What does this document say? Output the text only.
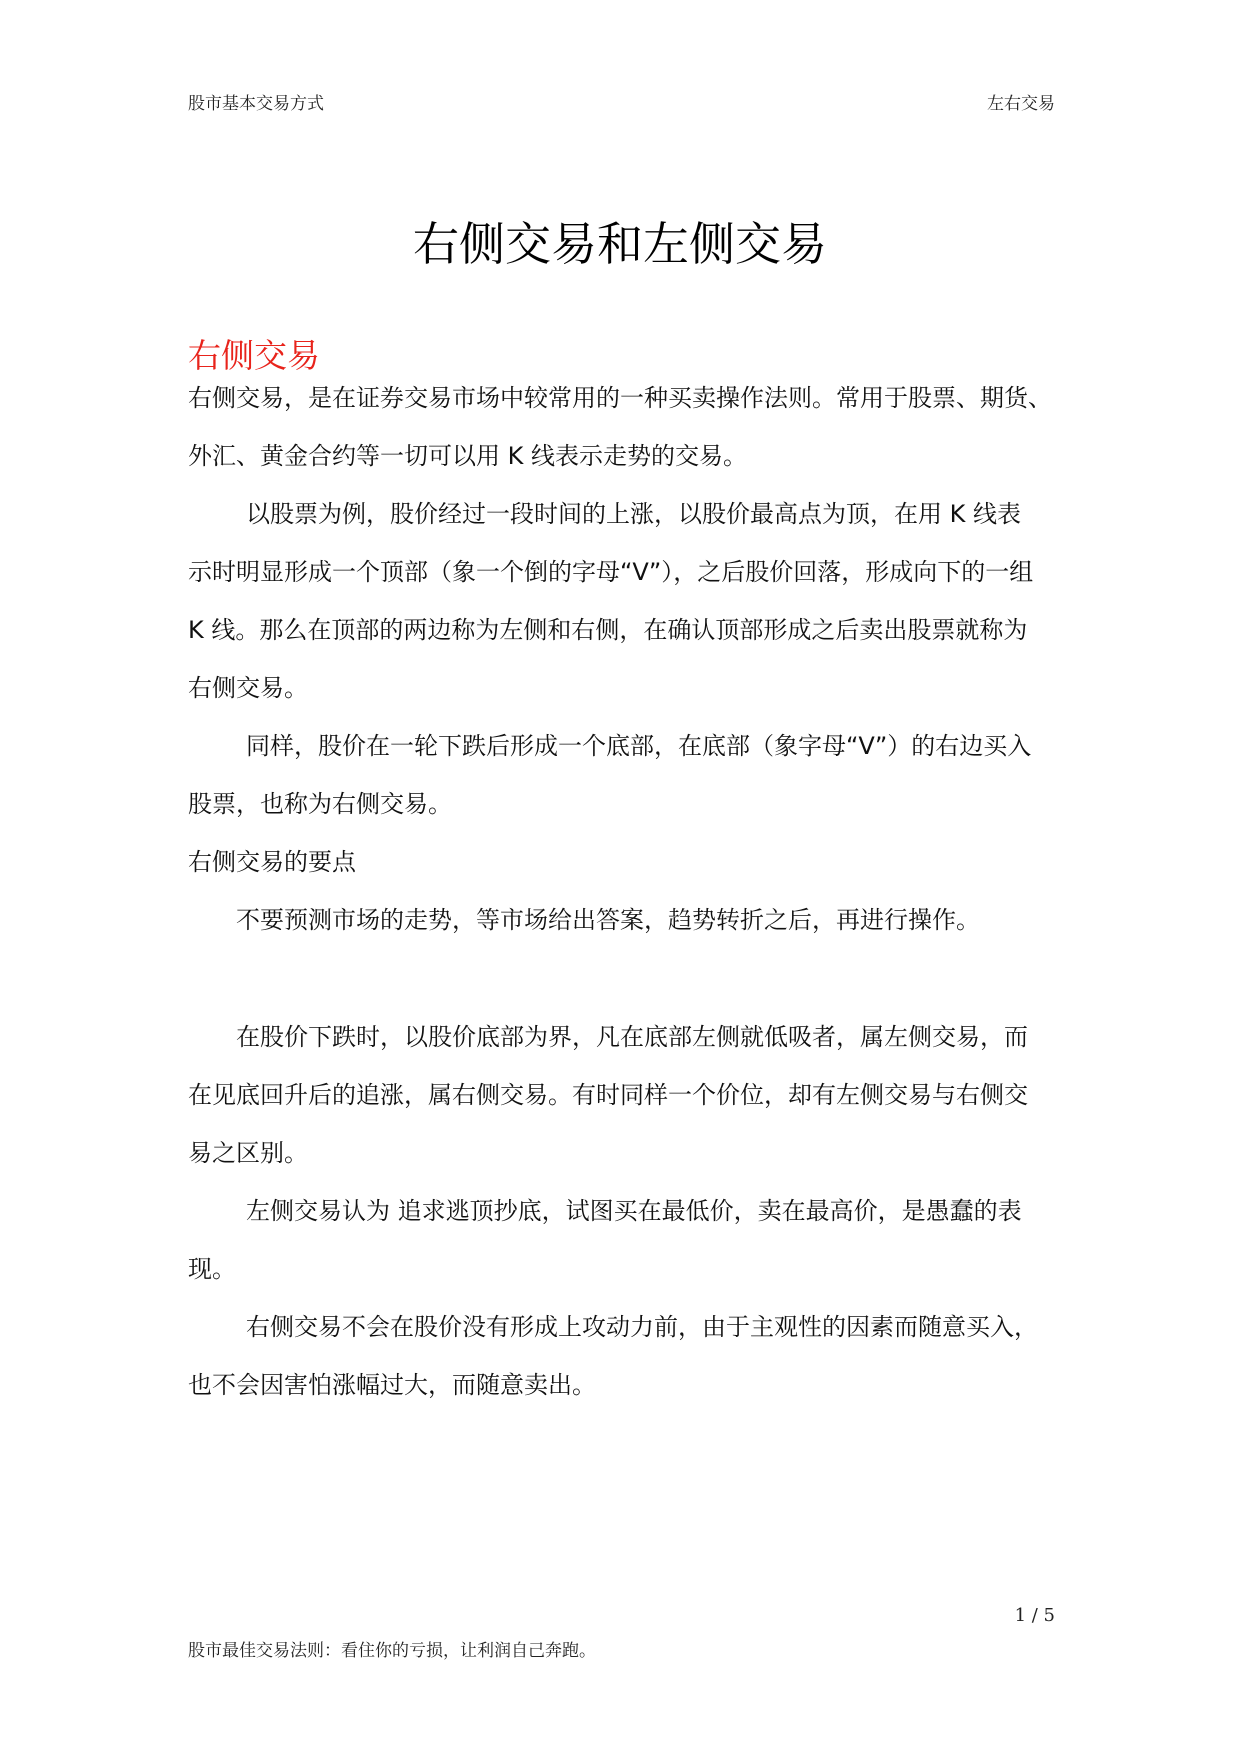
股市基本交易方式	左右交易
右侧交易和左侧交易
右侧交易
右侧交易，是在证券交易市场中较常用的一种买卖操作法则。常用于股票、期货、
外汇、黄金合约等一切可以用 K 线表示走势的交易。
以股票为例，股价经过一段时间的上涨，以股价最高点为顶，在用 K 线表
示时明显形成一个顶部（象一个倒的字母“V”），之后股价回落，形成向下的一组
K 线。那么在顶部的两边称为左侧和右侧，在确认顶部形成之后卖出股票就称为
右侧交易。
同样，股价在一轮下跌后形成一个底部，在底部（象字母“V”）的右边买入
股票，也称为右侧交易。
右侧交易的要点
不要预测市场的走势，等市场给出答案，趋势转折之后，再进行操作。
在股价下跌时，以股价底部为界，凡在底部左侧就低吸者，属左侧交易，而
在见底回升后的追涨，属右侧交易。有时同样一个价位，却有左侧交易与右侧交
易之区别。
左侧交易认为 追求逃顶抄底，试图买在最低价，卖在最高价，是愚蠢的表
现。
右侧交易不会在股价没有形成上攻动力前，由于主观性的因素而随意买入，
也不会因害怕涨幅过大，而随意卖出。
1 / 5
股市最佳交易法则：看住你的亏损，让利润自己奔跑。
